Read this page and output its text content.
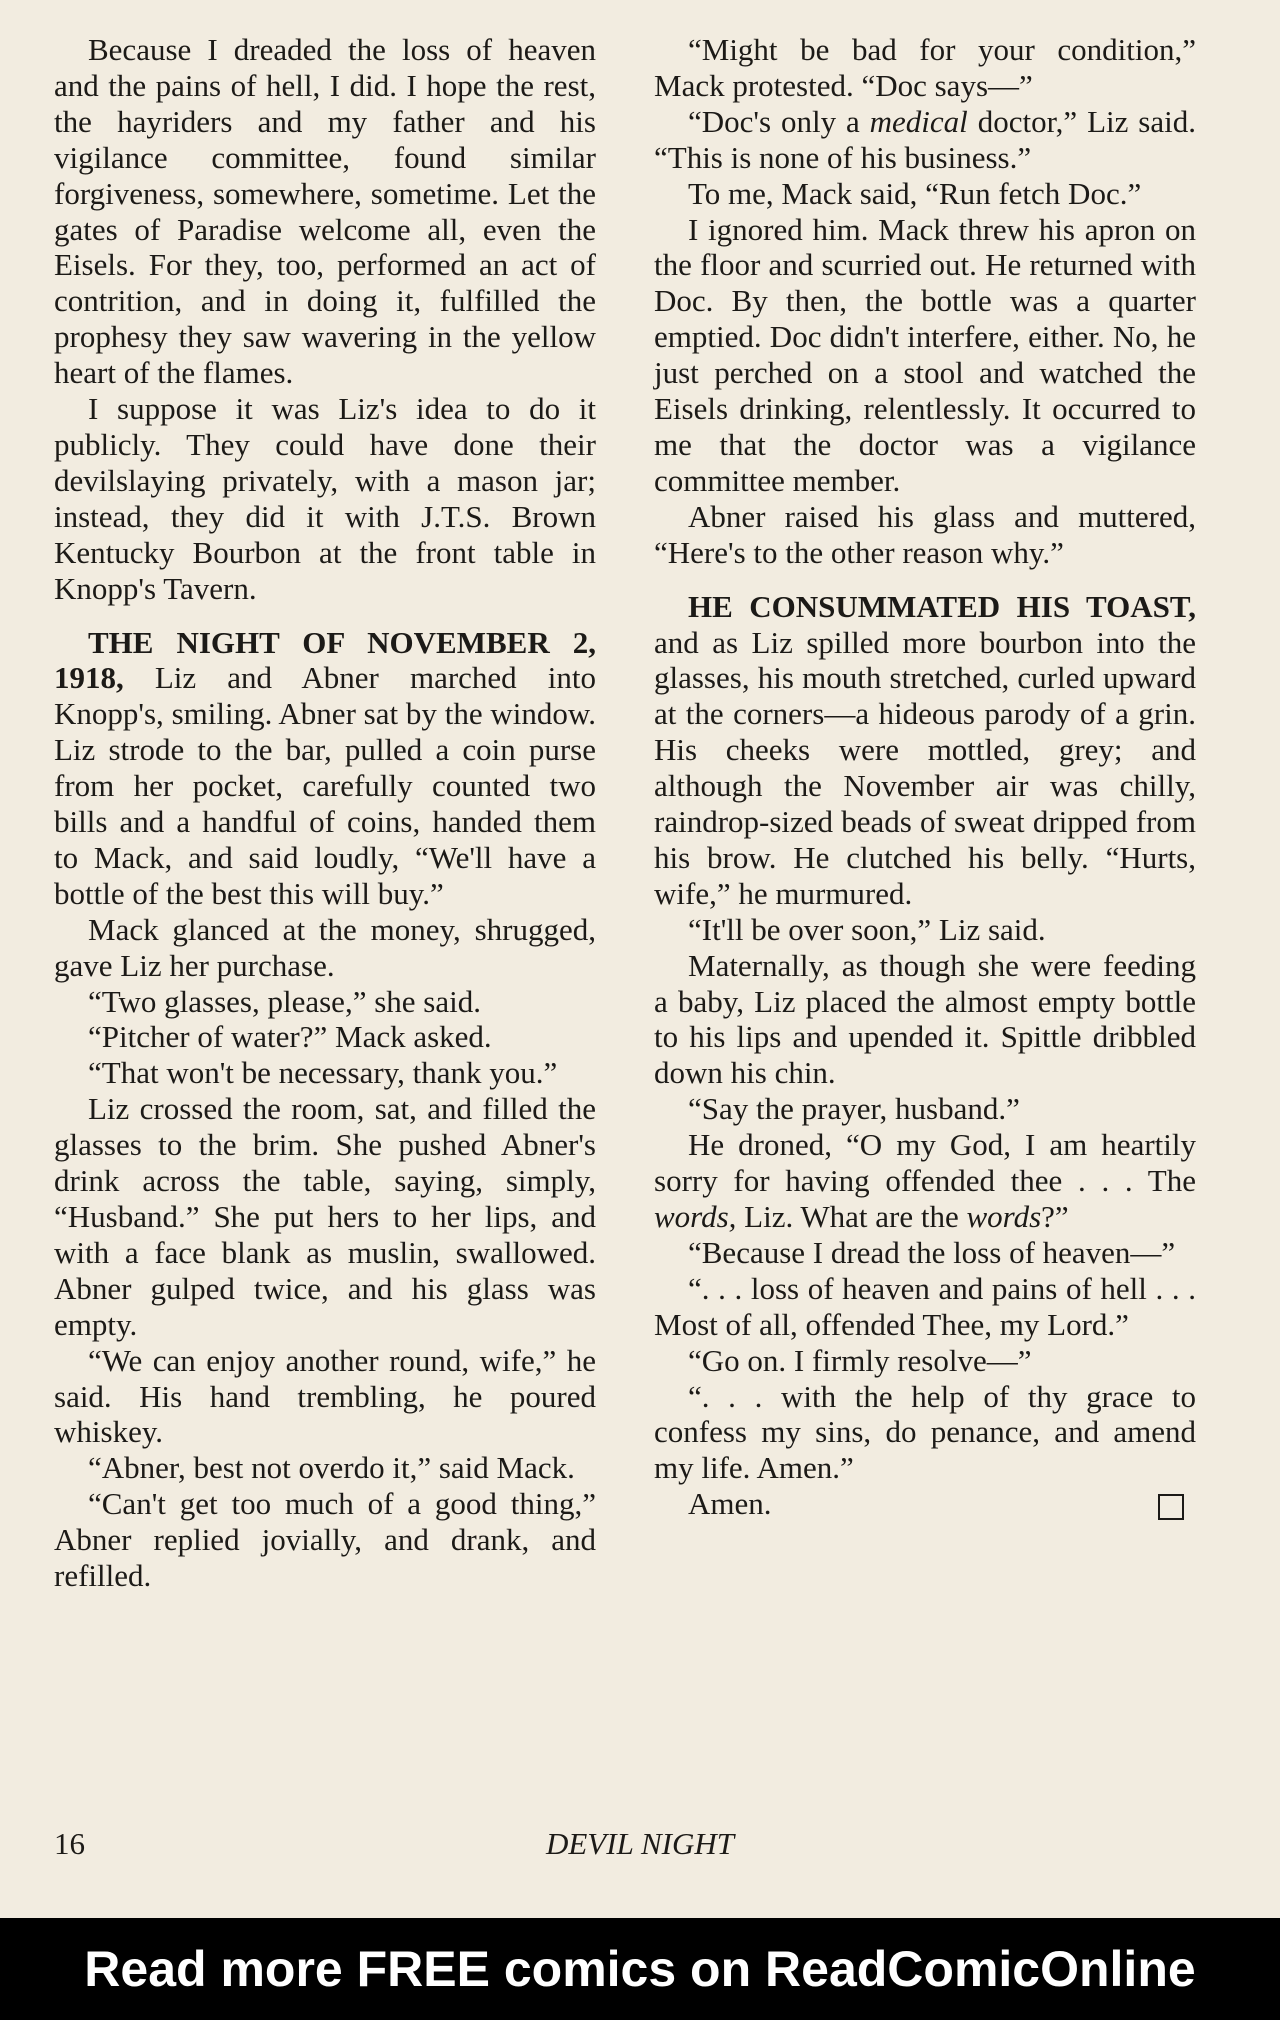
Because I dreaded the loss of heaven and the pains of hell, I did. I hope the rest, the hayriders and my father and his vigilance committee, found similar forgiveness, somewhere, sometime. Let the gates of Paradise welcome all, even the Eisels. For they, too, performed an act of contrition, and in doing it, fulfilled the prophesy they saw wavering in the yellow heart of the flames.

I suppose it was Liz's idea to do it publicly. They could have done their devilslaying privately, with a mason jar; instead, they did it with J.T.S. Brown Kentucky Bourbon at the front table in Knopp's Tavern.

THE NIGHT OF NOVEMBER 2, 1918, Liz and Abner marched into Knopp's, smiling. Abner sat by the window. Liz strode to the bar, pulled a coin purse from her pocket, carefully counted two bills and a handful of coins, handed them to Mack, and said loudly, “We'll have a bottle of the best this will buy.”

Mack glanced at the money, shrugged, gave Liz her purchase.

“Two glasses, please,” she said.

“Pitcher of water?” Mack asked.

“That won't be necessary, thank you.”

Liz crossed the room, sat, and filled the glasses to the brim. She pushed Abner's drink across the table, saying, simply, “Husband.” She put hers to her lips, and with a face blank as muslin, swallowed. Abner gulped twice, and his glass was empty.

“We can enjoy another round, wife,” he said. His hand trembling, he poured whiskey.

“Abner, best not overdo it,” said Mack.

“Can't get too much of a good thing,” Abner replied jovially, and drank, and refilled.

“Might be bad for your condition,” Mack protested. “Doc says—”

“Doc's only a medical doctor,” Liz said. “This is none of his business.”

To me, Mack said, “Run fetch Doc.”

I ignored him. Mack threw his apron on the floor and scurried out. He returned with Doc. By then, the bottle was a quarter emptied. Doc didn't interfere, either. No, he just perched on a stool and watched the Eisels drinking, relentlessly. It occurred to me that the doctor was a vigilance committee member.

Abner raised his glass and muttered, “Here's to the other reason why.”

HE CONSUMMATED HIS TOAST, and as Liz spilled more bourbon into the glasses, his mouth stretched, curled upward at the corners—a hideous parody of a grin. His cheeks were mottled, grey; and although the November air was chilly, raindrop-sized beads of sweat dripped from his brow. He clutched his belly. “Hurts, wife,” he murmured.

“It'll be over soon,” Liz said.

Maternally, as though she were feeding a baby, Liz placed the almost empty bottle to his lips and upended it. Spittle dribbled down his chin.

“Say the prayer, husband.”

He droned, “O my God, I am heartily sorry for having offended thee . . . The words, Liz. What are the words?”

“Because I dread the loss of heaven—”

“. . . loss of heaven and pains of hell . . . Most of all, offended Thee, my Lord.”

“Go on. I firmly resolve—”

“. . . with the help of thy grace to confess my sins, do penance, and amend my life. Amen.”

Amen.

16	DEVIL NIGHT
Read more FREE comics on ReadComicOnline
